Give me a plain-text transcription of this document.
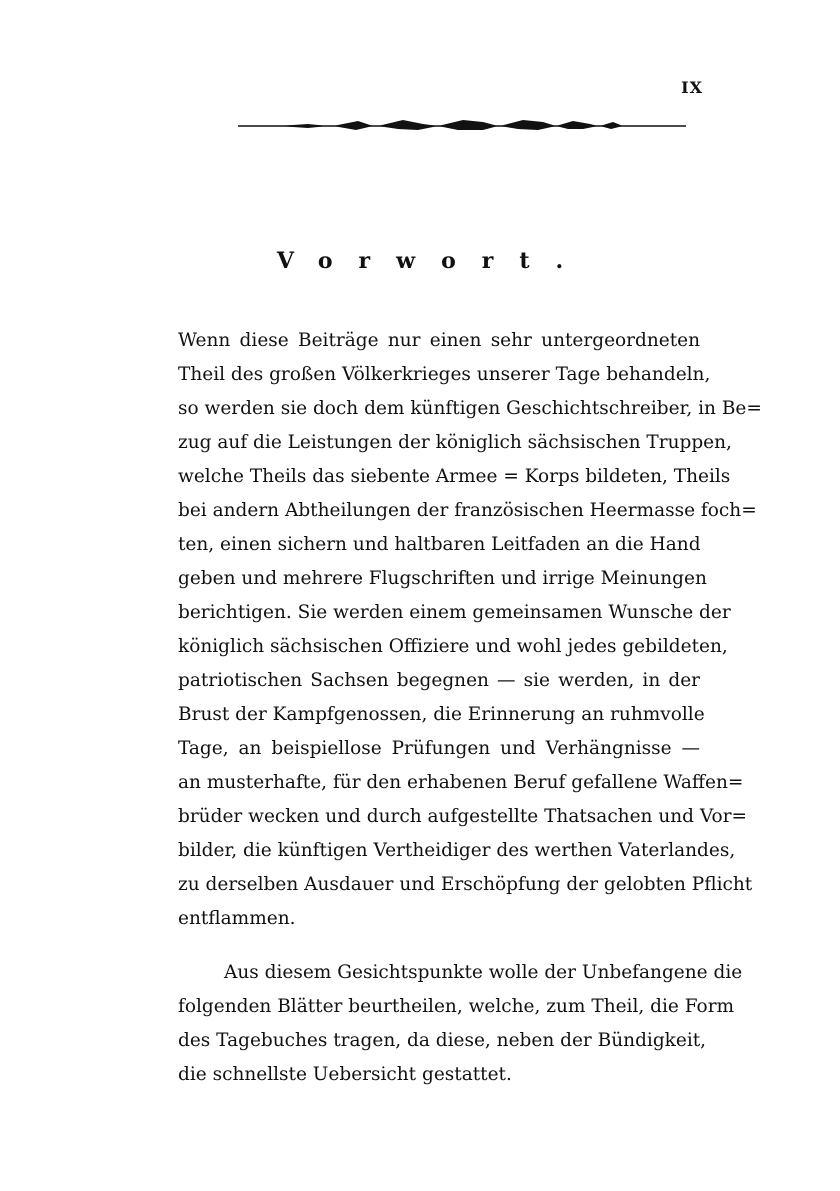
IX
Vorwort.

Wenn diese Beiträge nur einen sehr untergeordneten
Theil des großen Völkerkrieges unserer Tage behandeln,
so werden sie doch dem künftigen Geschichtschreiber, in Be=
zug auf die Leistungen der königlich sächsischen Truppen,
welche Theils das siebente Armee = Korps bildeten, Theils
bei andern Abtheilungen der französischen Heermasse foch=
ten, einen sichern und haltbaren Leitfaden an die Hand
geben und mehrere Flugschriften und irrige Meinungen
berichtigen. Sie werden einem gemeinsamen Wunsche der
königlich sächsischen Offiziere und wohl jedes gebildeten,
patriotischen Sachsen begegnen — sie werden, in der
Brust der Kampfgenossen, die Erinnerung an ruhmvolle
Tage, an beispiellose Prüfungen und Verhängnisse —
an musterhafte, für den erhabenen Beruf gefallene Waffen=
brüder wecken und durch aufgestellte Thatsachen und Vor=
bilder, die künftigen Vertheidiger des werthen Vaterlandes,
zu derselben Ausdauer und Erschöpfung der gelobten Pflicht
entflammen.

Aus diesem Gesichtspunkte wolle der Unbefangene die
folgenden Blätter beurtheilen, welche, zum Theil, die Form
des Tagebuches tragen, da diese, neben der Bündigkeit,
die schnellste Uebersicht gestattet.
